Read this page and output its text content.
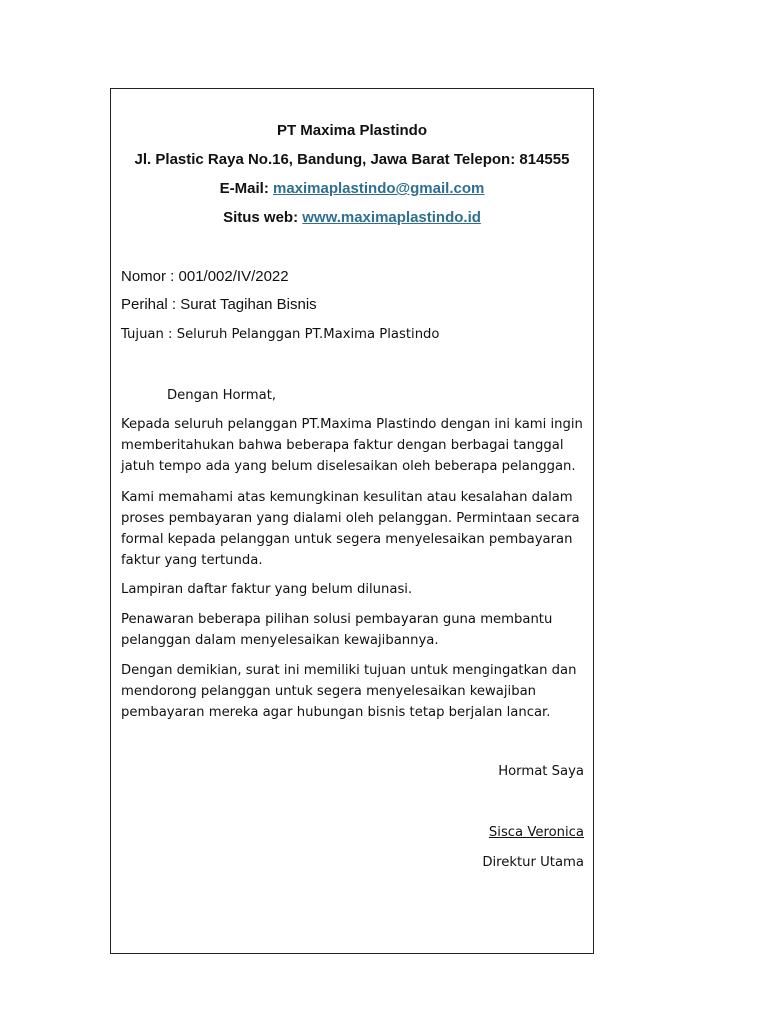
PT Maxima Plastindo
Jl. Plastic Raya No.16, Bandung, Jawa Barat Telepon: 814555
E-Mail: maximaplastindo@gmail.com
Situs web: www.maximaplastindo.id
Nomor : 001/002/IV/2022
Perihal : Surat Tagihan Bisnis
Tujuan : Seluruh Pelanggan PT.Maxima Plastindo
Dengan Hormat,
Kepada seluruh pelanggan PT.Maxima Plastindo dengan ini kami ingin
memberitahukan bahwa beberapa faktur dengan berbagai tanggal
jatuh tempo ada yang belum diselesaikan oleh beberapa pelanggan.
Kami memahami atas kemungkinan kesulitan atau kesalahan dalam
proses pembayaran yang dialami oleh pelanggan. Permintaan secara
formal kepada pelanggan untuk segera menyelesaikan pembayaran
faktur yang tertunda.
Lampiran daftar faktur yang belum dilunasi.
Penawaran beberapa pilihan solusi pembayaran guna membantu
pelanggan dalam menyelesaikan kewajibannya.
Dengan demikian, surat ini memiliki tujuan untuk mengingatkan dan
mendorong pelanggan untuk segera menyelesaikan kewajiban
pembayaran mereka agar hubungan bisnis tetap berjalan lancar.
Hormat Saya
Sisca Veronica
Direktur Utama
